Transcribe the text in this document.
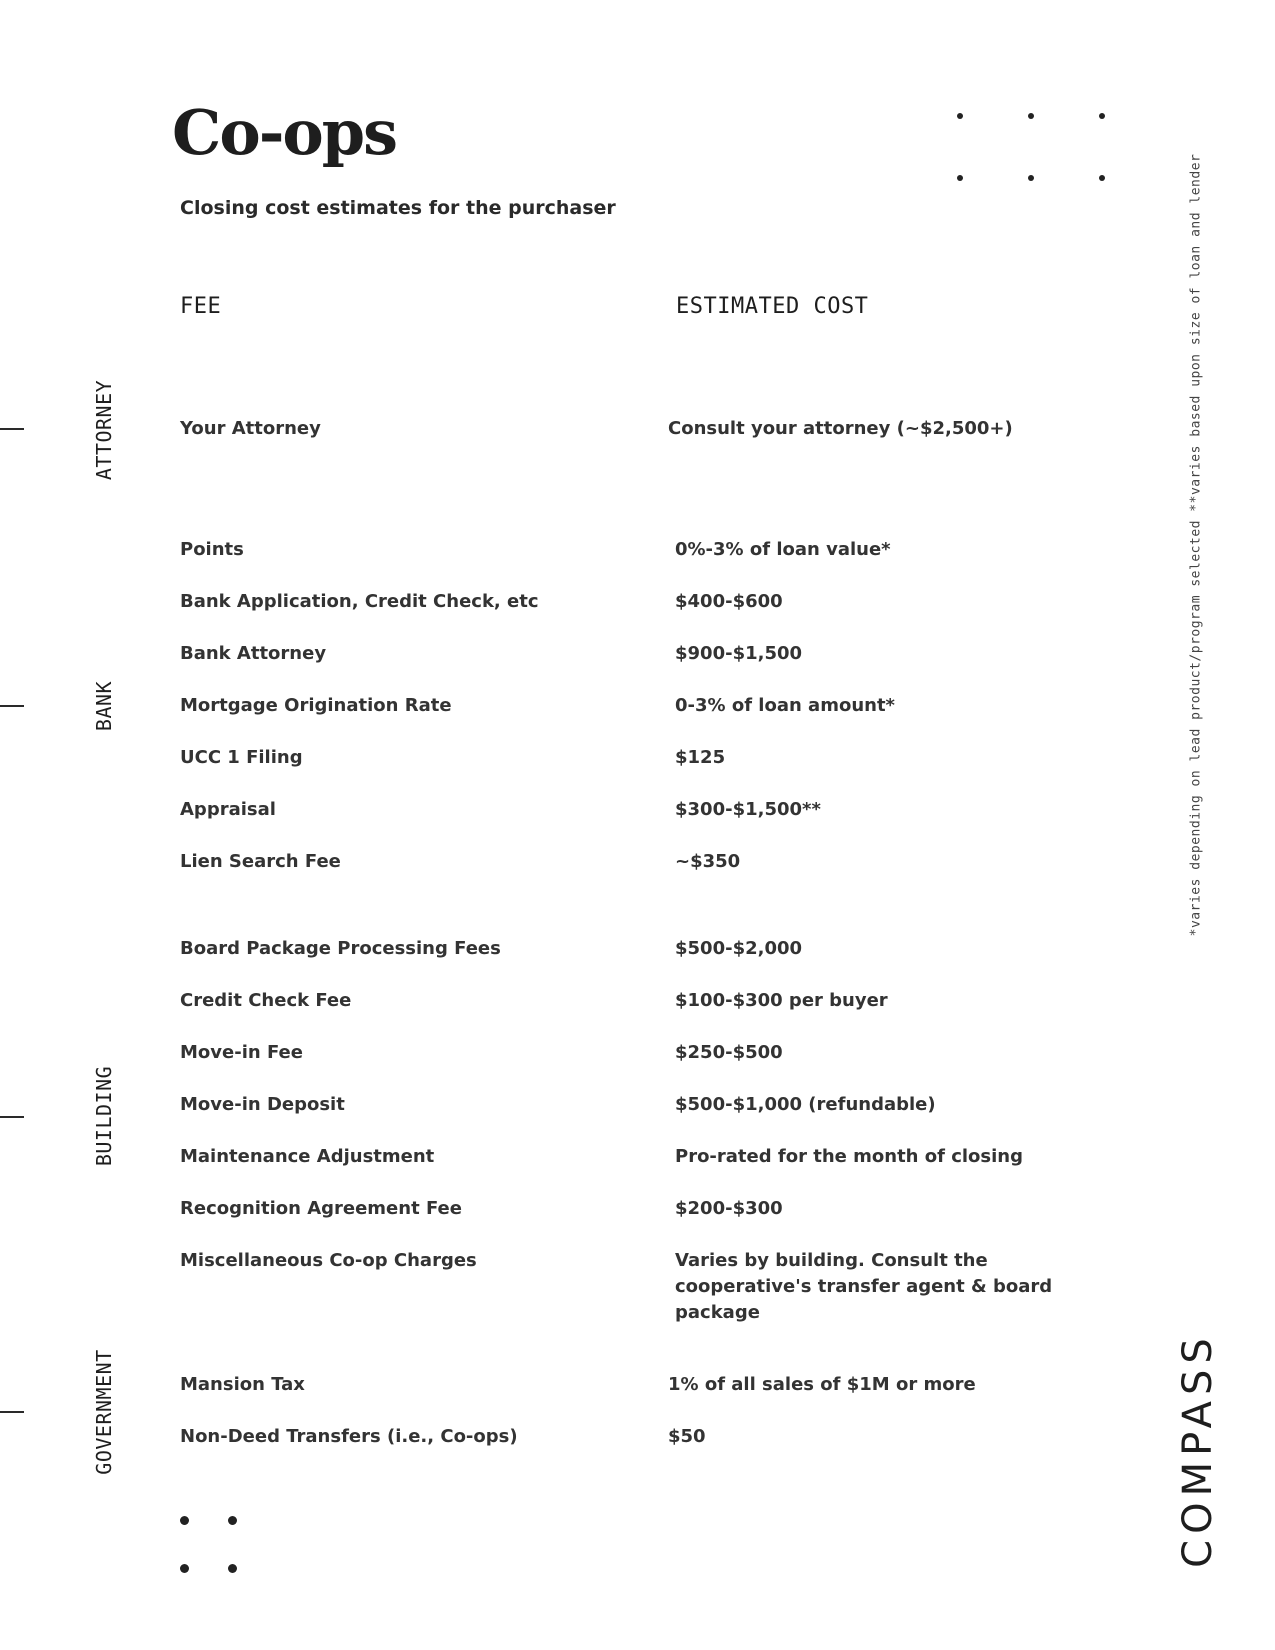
Co-ops
Closing cost estimates for the purchaser
FEE	ESTIMATED COST
ATTORNEY
BANK
BUILDING
GOVERNMENT
Your Attorney	Consult your attorney (~$2,500+)
Points	0%-3% of loan value*
Bank Application, Credit Check, etc	$400-$600
Bank Attorney	$900-$1,500
Mortgage Origination Rate	0-3% of loan amount*
UCC 1 Filing	$125
Appraisal	$300-$1,500**
Lien Search Fee	~$350
Board Package Processing Fees	$500-$2,000
Credit Check Fee	$100-$300 per buyer
Move-in Fee	$250-$500
Move-in Deposit	$500-$1,000 (refundable)
Maintenance Adjustment	Pro-rated for the month of closing
Recognition Agreement Fee	$200-$300
Miscellaneous Co-op Charges	Varies by building. Consult the cooperative's transfer agent & board package
Mansion Tax	1% of all sales of $1M or more
Non-Deed Transfers (i.e., Co-ops)	$50
*varies depending on lead product/program selected **varies based upon size of loan and lender
COMPASS
